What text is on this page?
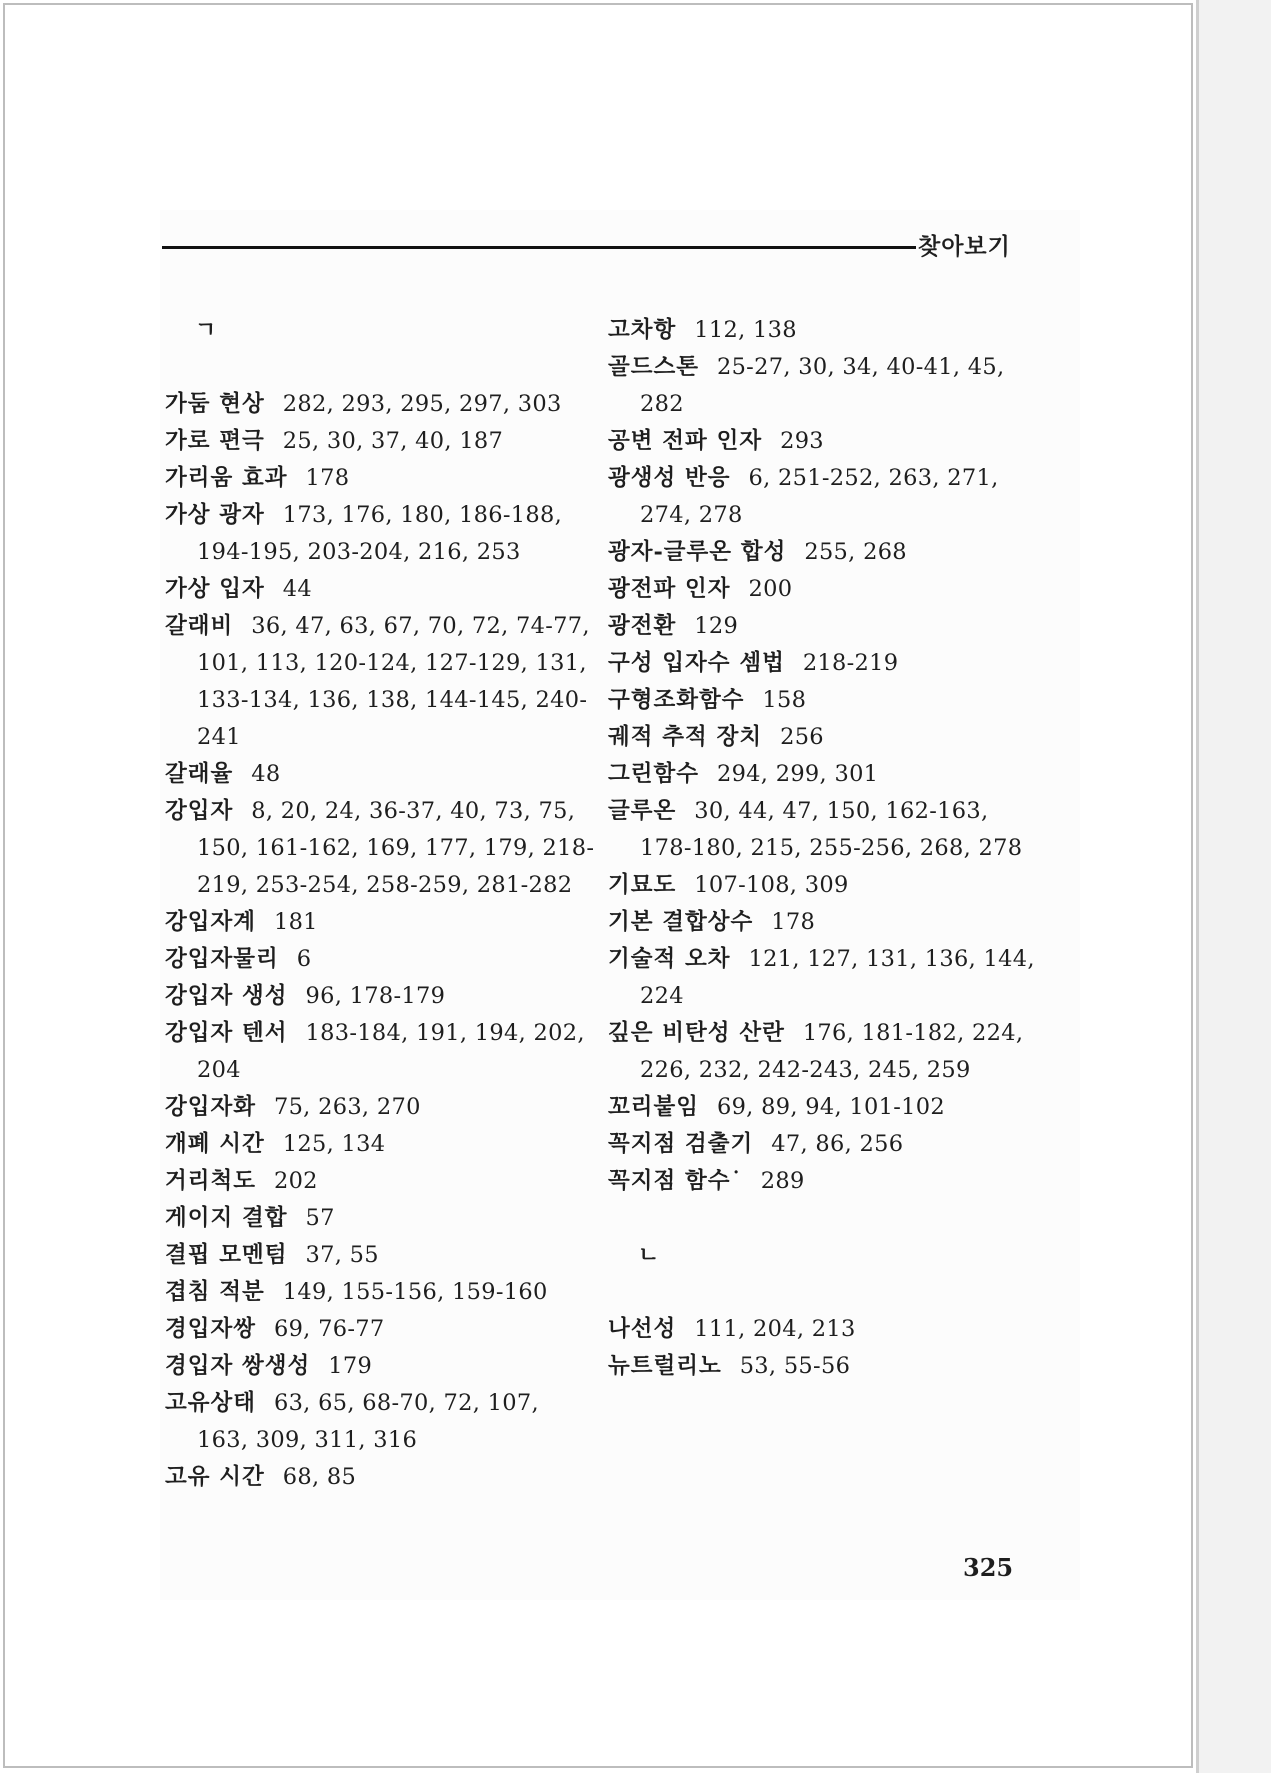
찾아보기
ㄱ
가둠 현상 282, 293, 295, 297, 303
가로 편극 25, 30, 37, 40, 187
가리움 효과 178
가상 광자 173, 176, 180, 186-188,
194-195, 203-204, 216, 253
가상 입자 44
갈래비 36, 47, 63, 67, 70, 72, 74-77,
101, 113, 120-124, 127-129, 131,
133-134, 136, 138, 144-145, 240-
241
갈래율 48
강입자 8, 20, 24, 36-37, 40, 73, 75,
150, 161-162, 169, 177, 179, 218-
219, 253-254, 258-259, 281-282
강입자계 181
강입자물리 6
강입자 생성 96, 178-179
강입자 텐서 183-184, 191, 194, 202,
204
강입자화 75, 263, 270
개폐 시간 125, 134
거리척도 202
게이지 결합 57
결핍 모멘텀 37, 55
겹침 적분 149, 155-156, 159-160
경입자쌍 69, 76-77
경입자 쌍생성 179
고유상태 63, 65, 68-70, 72, 107,
163, 309, 311, 316
고유 시간 68, 85
고차항 112, 138
골드스톤 25-27, 30, 34, 40-41, 45,
282
공변 전파 인자 293
광생성 반응 6, 251-252, 263, 271,
274, 278
광자-글루온 합성 255, 268
광전파 인자 200
광전환 129
구성 입자수 셈법 218-219
구형조화함수 158
궤적 추적 장치 256
그린함수 294, 299, 301
글루온 30, 44, 47, 150, 162-163,
178-180, 215, 255-256, 268, 278
기묘도 107-108, 309
기본 결합상수 178
기술적 오차 121, 127, 131, 136, 144,
224
깊은 비탄성 산란 176, 181-182, 224,
226, 232, 242-243, 245, 259
꼬리붙임 69, 89, 94, 101-102
꼭지점 검출기 47, 86, 256
꼭지점 함수˙ 289
ㄴ
나선성 111, 204, 213
뉴트럴리노 53, 55-56
325
